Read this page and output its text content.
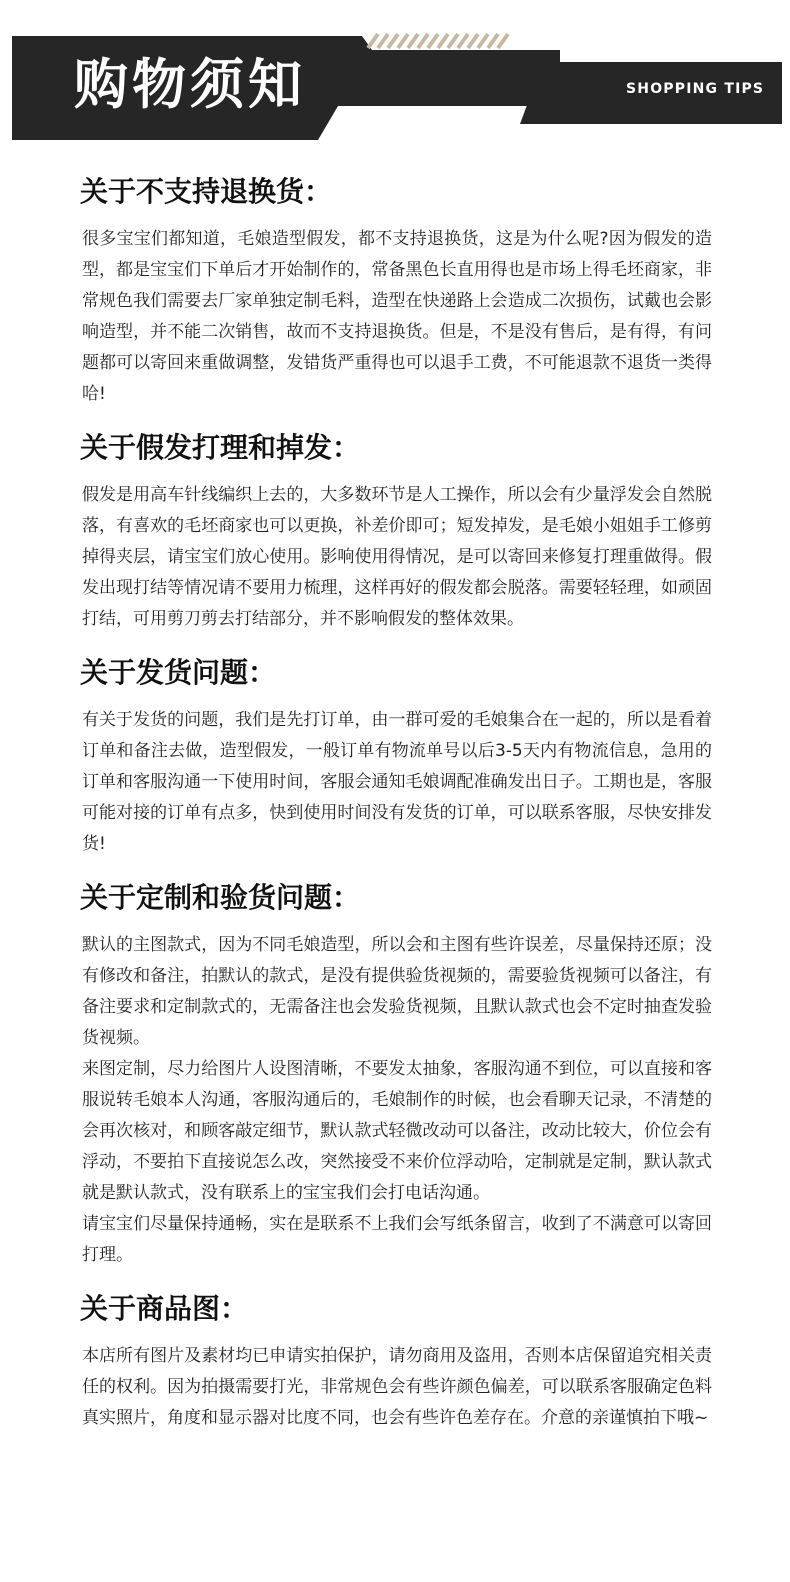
购物须知	SHOPPING TIPS
关于不支持退换货：

很多宝宝们都知道，毛娘造型假发，都不支持退换货，这是为什么呢?因为假发的造型，都是宝宝们下单后才开始制作的，常备黑色长直用得也是市场上得毛坯商家，非常规色我们需要去厂家单独定制毛料，造型在快递路上会造成二次损伤，试戴也会影响造型，并不能二次销售，故而不支持退换货。但是，不是没有售后，是有得，有问题都可以寄回来重做调整，发错货严重得也可以退手工费，不可能退款不退货一类得哈!

关于假发打理和掉发：

假发是用高车针线编织上去的，大多数环节是人工操作，所以会有少量浮发会自然脱落，有喜欢的毛坯商家也可以更换，补差价即可；短发掉发，是毛娘小姐姐手工修剪掉得夹层，请宝宝们放心使用。影响使用得情况，是可以寄回来修复打理重做得。假发出现打结等情况请不要用力梳理，这样再好的假发都会脱落。需要轻轻理，如顽固打结，可用剪刀剪去打结部分，并不影响假发的整体效果。

关于发货问题：

有关于发货的问题，我们是先打订单，由一群可爱的毛娘集合在一起的，所以是看着订单和备注去做，造型假发，一般订单有物流单号以后3-5天内有物流信息，急用的订单和客服沟通一下使用时间，客服会通知毛娘调配准确发出日子。工期也是，客服可能对接的订单有点多，快到使用时间没有发货的订单，可以联系客服，尽快安排发货!

关于定制和验货问题：

默认的主图款式，因为不同毛娘造型，所以会和主图有些许误差，尽量保持还原；没有修改和备注，拍默认的款式，是没有提供验货视频的，需要验货视频可以备注，有备注要求和定制款式的，无需备注也会发验货视频，且默认款式也会不定时抽查发验货视频。

来图定制，尽力给图片人设图清晰，不要发太抽象，客服沟通不到位，可以直接和客服说转毛娘本人沟通，客服沟通后的，毛娘制作的时候，也会看聊天记录，不清楚的会再次核对，和顾客敲定细节，默认款式轻微改动可以备注，改动比较大，价位会有浮动，不要拍下直接说怎么改，突然接受不来价位浮动哈，定制就是定制，默认款式就是默认款式，没有联系上的宝宝我们会打电话沟通。

请宝宝们尽量保持通畅，实在是联系不上我们会写纸条留言，收到了不满意可以寄回打理。

关于商品图：

本店所有图片及素材均已申请实拍保护，请勿商用及盗用，否则本店保留追究相关责任的权利。因为拍摄需要打光，非常规色会有些许颜色偏差，可以联系客服确定色料真实照片，角度和显示器对比度不同，也会有些许色差存在。介意的亲谨慎拍下哦~
